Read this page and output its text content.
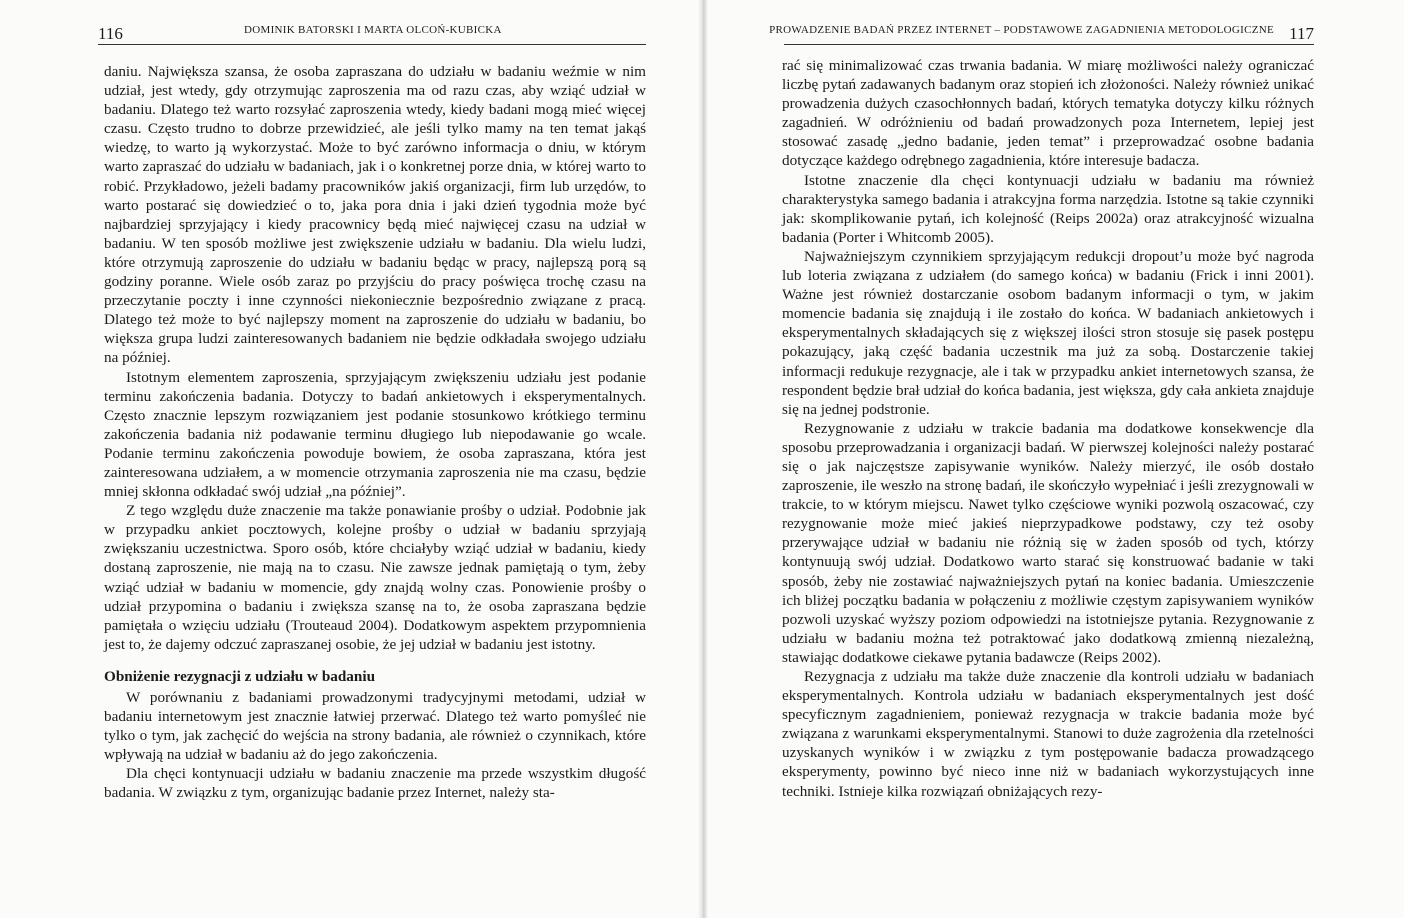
116	DOMINIK BATORSKI I MARTA OLCOŃ-KUBICKA

daniu. Największa szansa, że osoba zapraszana do udziału w badaniu weźmie w nim udział, jest wtedy, gdy otrzymując zaproszenia ma od razu czas, aby wziąć udział w badaniu. Dlatego też warto rozsyłać zaproszenia wtedy, kiedy badani mogą mieć więcej czasu. Często trudno to dobrze przewidzieć, ale jeśli tylko mamy na ten temat jakąś wiedzę, to warto ją wykorzystać. Może to być zarówno informacja o dniu, w którym warto zapraszać do udziału w badaniach, jak i o konkretnej porze dnia, w której warto to robić. Przykładowo, jeżeli badamy pracowników jakiś organizacji, firm lub urzędów, to warto postarać się dowiedzieć o to, jaka pora dnia i jaki dzień tygodnia może być najbardziej sprzyjający i kiedy pracownicy będą mieć najwięcej czasu na udział w badaniu. W ten sposób możliwe jest zwiększenie udziału w badaniu. Dla wielu ludzi, które otrzymują zaproszenie do udziału w badaniu będąc w pracy, najlepszą porą są godziny poranne. Wiele osób zaraz po przyjściu do pracy poświęca trochę czasu na przeczytanie poczty i inne czynności niekoniecznie bezpośrednio związane z pracą. Dlatego też może to być najlepszy moment na zaproszenie do udziału w badaniu, bo większa grupa ludzi zainteresowanych badaniem nie będzie odkładała swojego udziału na później.

Istotnym elementem zaproszenia, sprzyjającym zwiększeniu udziału jest podanie terminu zakończenia badania. Dotyczy to badań ankietowych i eksperymentalnych. Często znacznie lepszym rozwiązaniem jest podanie stosunkowo krótkiego terminu zakończenia badania niż podawanie terminu długiego lub niepodawanie go wcale. Podanie terminu zakończenia powoduje bowiem, że osoba zapraszana, która jest zainteresowana udziałem, a w momencie otrzymania zaproszenia nie ma czasu, będzie mniej skłonna odkładać swój udział „na później”.

Z tego względu duże znaczenie ma także ponawianie prośby o udział. Podobnie jak w przypadku ankiet pocztowych, kolejne prośby o udział w badaniu sprzyjają zwiększaniu uczestnictwa. Sporo osób, które chciałyby wziąć udział w badaniu, kiedy dostaną zaproszenie, nie mają na to czasu. Nie zawsze jednak pamiętają o tym, żeby wziąć udział w badaniu w momencie, gdy znajdą wolny czas. Ponowienie prośby o udział przypomina o badaniu i zwiększa szansę na to, że osoba zapraszana będzie pamiętała o wzięciu udziału (Trouteaud 2004). Dodatkowym aspektem przypomnienia jest to, że dajemy odczuć zapraszanej osobie, że jej udział w badaniu jest istotny.

Obniżenie rezygnacji z udziału w badaniu

W porównaniu z badaniami prowadzonymi tradycyjnymi metodami, udział w badaniu internetowym jest znacznie łatwiej przerwać. Dlatego też warto pomyśleć nie tylko o tym, jak zachęcić do wejścia na strony badania, ale również o czynnikach, które wpływają na udział w badaniu aż do jego zakończenia.

Dla chęci kontynuacji udziału w badaniu znaczenie ma przede wszystkim długość badania. W związku z tym, organizując badanie przez Internet, należy sta-

PROWADZENIE BADAŃ PRZEZ INTERNET – PODSTAWOWE ZAGADNIENIA METODOLOGICZNE 117

rać się minimalizować czas trwania badania. W miarę możliwości należy ograniczać liczbę pytań zadawanych badanym oraz stopień ich złożoności. Należy również unikać prowadzenia dużych czasochłonnych badań, których tematyka dotyczy kilku różnych zagadnień. W odróżnieniu od badań prowadzonych poza Internetem, lepiej jest stosować zasadę „jedno badanie, jeden temat” i przeprowadzać osobne badania dotyczące każdego odrębnego zagadnienia, które interesuje badacza.

Istotne znaczenie dla chęci kontynuacji udziału w badaniu ma również charakterystyka samego badania i atrakcyjna forma narzędzia. Istotne są takie czynniki jak: skomplikowanie pytań, ich kolejność (Reips 2002a) oraz atrakcyjność wizualna badania (Porter i Whitcomb 2005).

Najważniejszym czynnikiem sprzyjającym redukcji dropout’u może być nagroda lub loteria związana z udziałem (do samego końca) w badaniu (Frick i inni 2001). Ważne jest również dostarczanie osobom badanym informacji o tym, w jakim momencie badania się znajdują i ile zostało do końca. W badaniach ankietowych i eksperymentalnych składających się z większej ilości stron stosuje się pasek postępu pokazujący, jaką część badania uczestnik ma już za sobą. Dostarczenie takiej informacji redukuje rezygnacje, ale i tak w przypadku ankiet internetowych szansa, że respondent będzie brał udział do końca badania, jest większa, gdy cała ankieta znajduje się na jednej podstronie.

Rezygnowanie z udziału w trakcie badania ma dodatkowe konsekwencje dla sposobu przeprowadzania i organizacji badań. W pierwszej kolejności należy postarać się o jak najczęstsze zapisywanie wyników. Należy mierzyć, ile osób dostało zaproszenie, ile weszło na stronę badań, ile skończyło wypełniać i jeśli zrezygnowali w trakcie, to w którym miejscu. Nawet tylko częściowe wyniki pozwolą oszacować, czy rezygnowanie może mieć jakieś nieprzypadkowe podstawy, czy też osoby przerywające udział w badaniu nie różnią się w żaden sposób od tych, którzy kontynuują swój udział. Dodatkowo warto starać się konstruować badanie w taki sposób, żeby nie zostawiać najważniejszych pytań na koniec badania. Umieszczenie ich bliżej początku badania w połączeniu z możliwie częstym zapisywaniem wyników pozwoli uzyskać wyższy poziom odpowiedzi na istotniejsze pytania. Rezygnowanie z udziału w badaniu można też potraktować jako dodatkową zmienną niezależną, stawiając dodatkowe ciekawe pytania badawcze (Reips 2002).

Rezygnacja z udziału ma także duże znaczenie dla kontroli udziału w badaniach eksperymentalnych. Kontrola udziału w badaniach eksperymentalnych jest dość specyficznym zagadnieniem, ponieważ rezygnacja w trakcie badania może być związana z warunkami eksperymentalnymi. Stanowi to duże zagrożenia dla rzetelności uzyskanych wyników i w związku z tym postępowanie badacza prowadzącego eksperymenty, powinno być nieco inne niż w badaniach wykorzystujących inne techniki. Istnieje kilka rozwiązań obniżających rezy-
